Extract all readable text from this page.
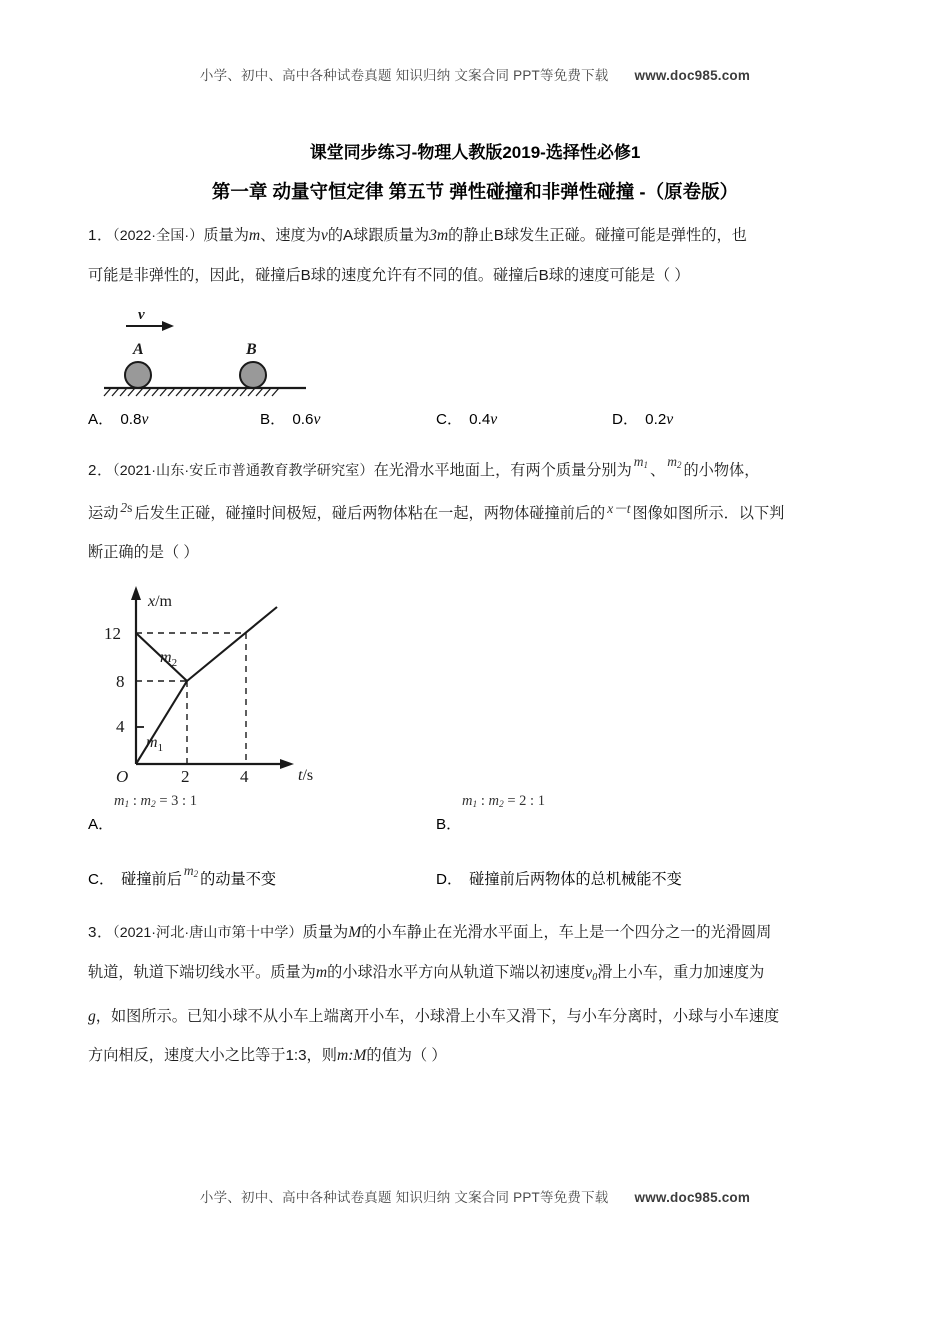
小学、初中、高中各种试卷真题 知识归纳 文案合同 PPT等免费下载 www.doc985.com
课堂同步练习-物理人教版2019-选择性必修1
第一章 动量守恒定律 第五节 弹性碰撞和非弹性碰撞 -（原卷版）
1．（2022·全国·）质量为m、速度为v的A球跟质量为3m的静止B球发生正碰。碰撞可能是弹性的，也
可能是非弹性的，因此，碰撞后B球的速度允许有不同的值。碰撞后B球的速度可能是（ ）
v
A	B
A． 0.8v	B． 0.6v	C． 0.4v	D． 0.2v
2．（2021·山东·安丘市普通教育教学研究室）在光滑水平地面上，有两个质量分别为m1 、m2 的小物体，
运动 2s 后发生正碰，碰撞时间极短，碰后两物体粘在一起，两物体碰撞前后的 x－t 图像如图所示．以下判
断正确的是（ ）
x/m
t/s
12
8
4
O	2	4
$m_2$
$m_1$
A．
m1 : m2 = 3 : 1
B．
m1 : m2 = 2 : 1
C． 碰撞前后m2 的动量不变	D． 碰撞前后两物体的总机械能不变
3．（2021·河北·唐山市第十中学）质量为M的小车静止在光滑水平面上，车上是一个四分之一的光滑圆周
轨道，轨道下端切线水平。质量为m的小球沿水平方向从轨道下端以初速度$v_0$滑上小车，重力加速度为
g，如图所示。已知小球不从小车上端离开小车，小球滑上小车又滑下，与小车分离时，小球与小车速度
方向相反，速度大小之比等于1:3，则m:M的值为（ ）
小学、初中、高中各种试卷真题 知识归纳 文案合同 PPT等免费下载 www.doc985.com
